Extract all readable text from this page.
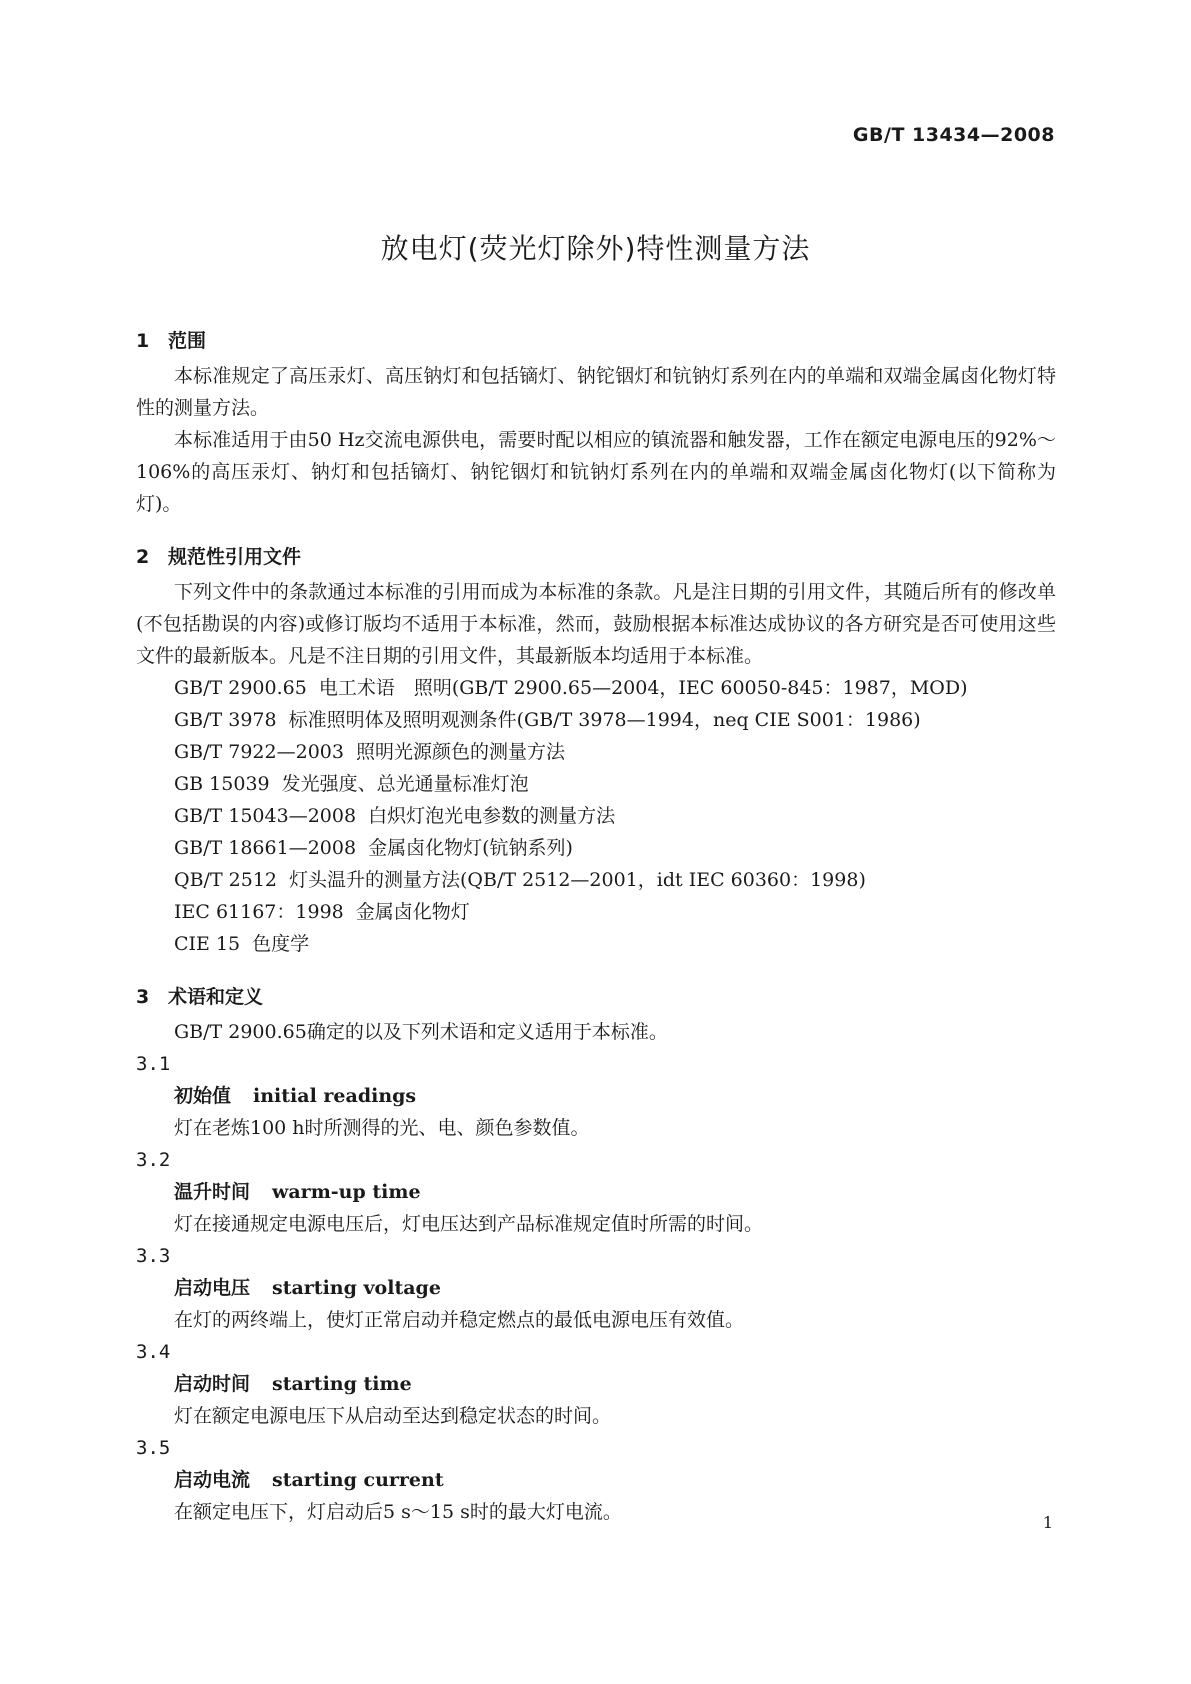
GB/T 13434—2008
放电灯(荧光灯除外)特性测量方法
1 范围

本标准规定了高压汞灯、高压钠灯和包括镝灯、钠铊铟灯和钪钠灯系列在内的单端和双端金属卤化物灯特性的测量方法。

本标准适用于由50 Hz交流电源供电，需要时配以相应的镇流器和触发器，工作在额定电源电压的92%～106%的高压汞灯、钠灯和包括镝灯、钠铊铟灯和钪钠灯系列在内的单端和双端金属卤化物灯(以下简称为灯)。

2 规范性引用文件

下列文件中的条款通过本标准的引用而成为本标准的条款。凡是注日期的引用文件，其随后所有的修改单(不包括勘误的内容)或修订版均不适用于本标准，然而，鼓励根据本标准达成协议的各方研究是否可使用这些文件的最新版本。凡是不注日期的引用文件，其最新版本均适用于本标准。

GB/T 2900.65 电工术语　照明(GB/T 2900.65—2004，IEC 60050-845：1987，MOD)
GB/T 3978 标准照明体及照明观测条件(GB/T 3978—1994，neq CIE S001：1986)
GB/T 7922—2003 照明光源颜色的测量方法
GB 15039 发光强度、总光通量标准灯泡
GB/T 15043—2008 白炽灯泡光电参数的测量方法
GB/T 18661—2008 金属卤化物灯(钪钠系列)
QB/T 2512 灯头温升的测量方法(QB/T 2512—2001，idt IEC 60360：1998)
IEC 61167：1998 金属卤化物灯
CIE 15 色度学
3 术语和定义
GB/T 2900.65确定的以及下列术语和定义适用于本标准。
3.1
初始值 initial readings
灯在老炼100 h时所测得的光、电、颜色参数值。
3.2
温升时间 warm-up time
灯在接通规定电源电压后，灯电压达到产品标准规定值时所需的时间。
3.3
启动电压 starting voltage
在灯的两终端上，使灯正常启动并稳定燃点的最低电源电压有效值。
3.4
启动时间 starting time
灯在额定电源电压下从启动至达到稳定状态的时间。
3.5
启动电流 starting current
在额定电压下，灯启动后5 s～15 s时的最大灯电流。	1
